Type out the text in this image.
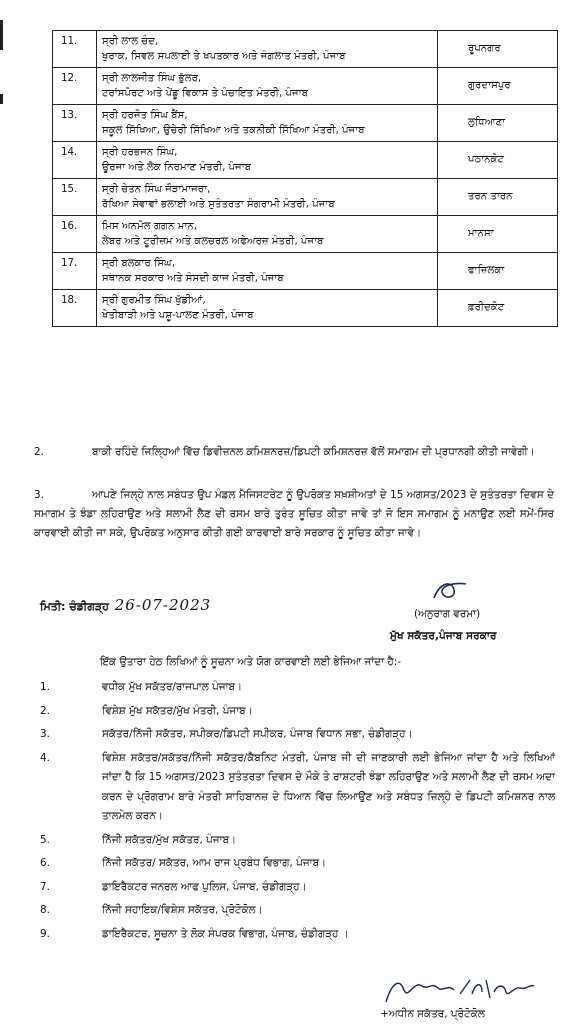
11.	ਸ੍ਰੀ ਲਾਲ ਚੰਦ,
ਖੁਰਾਕ, ਸਿਵਲ ਸਪਲਾਈ ਤੇ ਖਪਤਕਾਰ ਅਤੇ ਜੰਗਲਾਤ ਮੰਤਰੀ, ਪੰਜਾਬ	ਰੂਪਨਗਰ
12.	ਸ੍ਰੀ ਲਾਲਜੀਤ ਸਿੰਘ ਭੁੱਲਰ,
ਟਰਾਂਸਪੋਰਟ ਅਤੇ ਪੇਂਡੂ ਵਿਕਾਸ ਤੇ ਪੰਚਾਇਤ ਮੰਤਰੀ, ਪੰਜਾਬ	ਗੁਰਦਾਸਪੁਰ
13.	ਸ੍ਰੀ ਹਰਜੋਤ ਸਿੰਘ ਬੈਂਸ,
ਸਕੂਲ ਸਿੱਖਿਆ, ਉਚੇਰੀ ਸਿੱਖਿਆ ਅਤੇ ਤਕਨੀਕੀ ਸਿੱਖਿਆ ਮੰਤਰੀ, ਪੰਜਾਬ	ਲੁਧਿਆਣਾ
14.	ਸ੍ਰੀ ਹਰਭਜਨ ਸਿੰਘ,
ਊਰਜਾ ਅਤੇ ਲੋਕ ਨਿਰਮਾਣ ਮੰਤਰੀ, ਪੰਜਾਬ	ਪਠਾਨਕੋਟ
15.	ਸ੍ਰੀ ਚੇਤਨ ਸਿੰਘ ਜੌੜਾਮਾਜਰਾ,
ਰੱਖਿਆ ਸੇਵਾਵਾਂ ਭਲਾਈ ਅਤੇ ਸੁਤੰਤਰਤਾ ਸੰਗਰਾਮੀ ਮੰਤਰੀ, ਪੰਜਾਬ	ਤਰਨ ਤਾਰਨ
16.	ਮਿਸ ਅਨਮੋਲ ਗਗਨ ਮਾਨ,
ਲੇਬਰ ਅਤੇ ਟੂਰੀਜ਼ਮ ਅਤੇ ਕਲਚਰਲ ਅਫੇਅਰਜ਼ ਮੰਤਰੀ, ਪੰਜਾਬ	ਮਾਨਸਾ
17.	ਸ੍ਰੀ ਬਲਕਾਰ ਸਿੰਘ,
ਸਥਾਨਕ ਸਰਕਾਰ ਅਤੇ ਸੰਸਦੀ ਕਾਜ ਮੰਤਰੀ, ਪੰਜਾਬ	ਫਾਜ਼ਿਲਕਾ
18.	ਸ੍ਰੀ ਗੁਰਮੀਤ ਸਿੰਘ ਖੁੱਡੀਆਂ,
ਖੇਤੀਬਾੜੀ ਅਤੇ ਪਸ਼ੂ-ਪਾਲਣ ਮੰਤਰੀ, ਪੰਜਾਬ	ਫ਼ਰੀਦਕੋਟ
2.	ਬਾਕੀ ਰਹਿੰਦੇ ਜਿਲ੍ਹਿਆਂ ਵਿੱਚ ਡਿਵੀਜ਼ਨਲ ਕਮਿਸ਼ਨਰਜ਼/ਡਿਪਟੀ ਕਮਿਸ਼ਨਰਜ਼ ਵੱਲੋਂ ਸਮਾਗਮ ਦੀ ਪ੍ਰਧਾਨਗੀ ਕੀਤੀ ਜਾਵੇਗੀ।
3.	ਆਪਣੇ ਜਿਲ੍ਹੇ ਨਾਲ ਸਬੰਧਤ ਉਪ ਮੰਡਲ ਮੈਜਿਸਟਰੇਟ ਨੂੰ ਉਪਰੋਕਤ ਸਖ਼ਸ਼ੀਅਤਾਂ ਦੇ 15 ਅਗਸਤ/2023 ਦੇ ਸੁਤੰਤਰਤਾ ਦਿਵਸ ਦੇ ਸਮਾਗਮ ਤੇ ਝੰਡਾ ਲਹਿਰਾਉਣ ਅਤੇ ਸਲਾਮੀ ਲੈਣ ਦੀ ਰਸਮ ਬਾਰੇ ਤੁਰੰਤ ਸੂਚਿਤ ਕੀਤਾ ਜਾਵੇ ਤਾਂ ਜੋ ਇਸ ਸਮਾਗਮ ਨੂੰ ਮਨਾਉਣ ਲਈ ਸਮੇਂ-ਸਿਰ ਕਾਰਵਾਈ ਕੀਤੀ ਜਾ ਸਕੇ, ਉਪਰੋਕਤ ਅਨੁਸਾਰ ਕੀਤੀ ਗਈ ਕਾਰਵਾਈ ਬਾਰੇ ਸਰਕਾਰ ਨੂੰ ਸੂਚਿਤ ਕੀਤਾ ਜਾਵੇ।
ਮਿਤੀ: ਚੰਡੀਗੜ੍ਹ 26-07-2023	(ਅਨੁਰਾਗ ਵਰਮਾ)
ਮੁੱਖ ਸਕੱਤਰ,ਪੰਜਾਬ ਸਰਕਾਰ
ਇੱਕ ਉਤਾਰਾ ਹੇਠ ਲਿਖਿਆਂ ਨੂੰ ਸੂਚਨਾ ਅਤੇ ਯੋਗ ਕਾਰਵਾਈ ਲਈ ਭੇਜਿਆ ਜਾਂਦਾ ਹੈ:-
1.	ਵਧੀਕ ਮੁੱਖ ਸਕੱਤਰ/ਰਾਜਪਾਲ ਪੰਜਾਬ।
2.	ਵਿਸ਼ੇਸ਼ ਮੁੱਖ ਸਕੱਤਰ/ਮੁੱਖ ਮੰਤਰੀ, ਪੰਜਾਬ।
3.	ਸਕੱਤਰ/ਨਿੱਜੀ ਸਕੱਤਰ, ਸਪੀਕਰ/ਡਿਪਟੀ ਸਪੀਕਰ, ਪੰਜਾਬ ਵਿਧਾਨ ਸਭਾ, ਚੰਡੀਗੜ੍ਹ।
4.	ਵਿਸ਼ੇਸ਼ ਸਕੱਤਰ/ਸਕੱਤਰ/ਨਿੱਜੀ ਸਕੱਤਰ/ਕੈਬਨਿਟ ਮੰਤਰੀ, ਪੰਜਾਬ ਜੀ ਦੀ ਜਾਣਕਾਰੀ ਲਈ ਭੇਜਿਆ ਜਾਂਦਾ ਹੈ ਅਤੇ ਲਿਖਿਆਂ ਜਾਂਦਾ ਹੈ ਕਿ 15 ਅਗਸਤ/2023 ਸੁਤੰਤਰਤਾ ਦਿਵਸ ਦੇ ਮੌਕੇ ਤੇ ਰਾਸ਼ਟਰੀ ਝੰਡਾ ਲਹਿਰਾਉਣ ਅਤੇ ਸਲਾਮੀ ਲੈਣ ਦੀ ਰਸਮ ਅਦਾ ਕਰਨ ਦੇ ਪ੍ਰੋਗਰਾਮ ਬਾਰੇ ਮੰਤਰੀ ਸਾਹਿਬਾਨਜ਼ ਦੇ ਧਿਆਨ ਵਿੱਚ ਲਿਆਉਣ ਅਤੇ ਸਬੰਧਤ ਜ਼ਿਲ੍ਹੇ ਦੇ ਡਿਪਟੀ ਕਮਿਸ਼ਨਰ ਨਾਲ ਤਾਲਮੇਲ ਕਰਨ।
5.	ਨਿੱਜੀ ਸਕੱਤਰ/ਮੁੱਖ ਸਕੱਤਰ, ਪੰਜਾਬ।
6.	ਨਿੱਜੀ ਸਕੱਤਰ/ ਸਕੱਤਰ, ਆਮ ਰਾਜ ਪ੍ਰਬੰਧ ਵਿਭਾਗ, ਪੰਜਾਬ।
7.	ਡਾਇਰੈਕਟਰ ਜਨਰਲ ਆਫ ਪੁਲਿਸ, ਪੰਜਾਬ, ਚੰਡੀਗੜ੍ਹ।
8.	ਨਿੱਜੀ ਸਹਾਇਕ/ਵਿਸ਼ੇਸ ਸਕੱਤਰ, ਪ੍ਰੋਟੋਕੋਲ।
9.	ਡਾਇਰੈਕਟਰ, ਸੂਚਨਾ ਤੇ ਲੋਕ ਸੰਪਰਕ ਵਿਭਾਗ, ਪੰਜਾਬ, ਚੰਡੀਗੜ੍ਹ ।
+ਅਧੀਨ ਸਕੱਤਰ, ਪ੍ਰੋਟੋਕੋਲ
